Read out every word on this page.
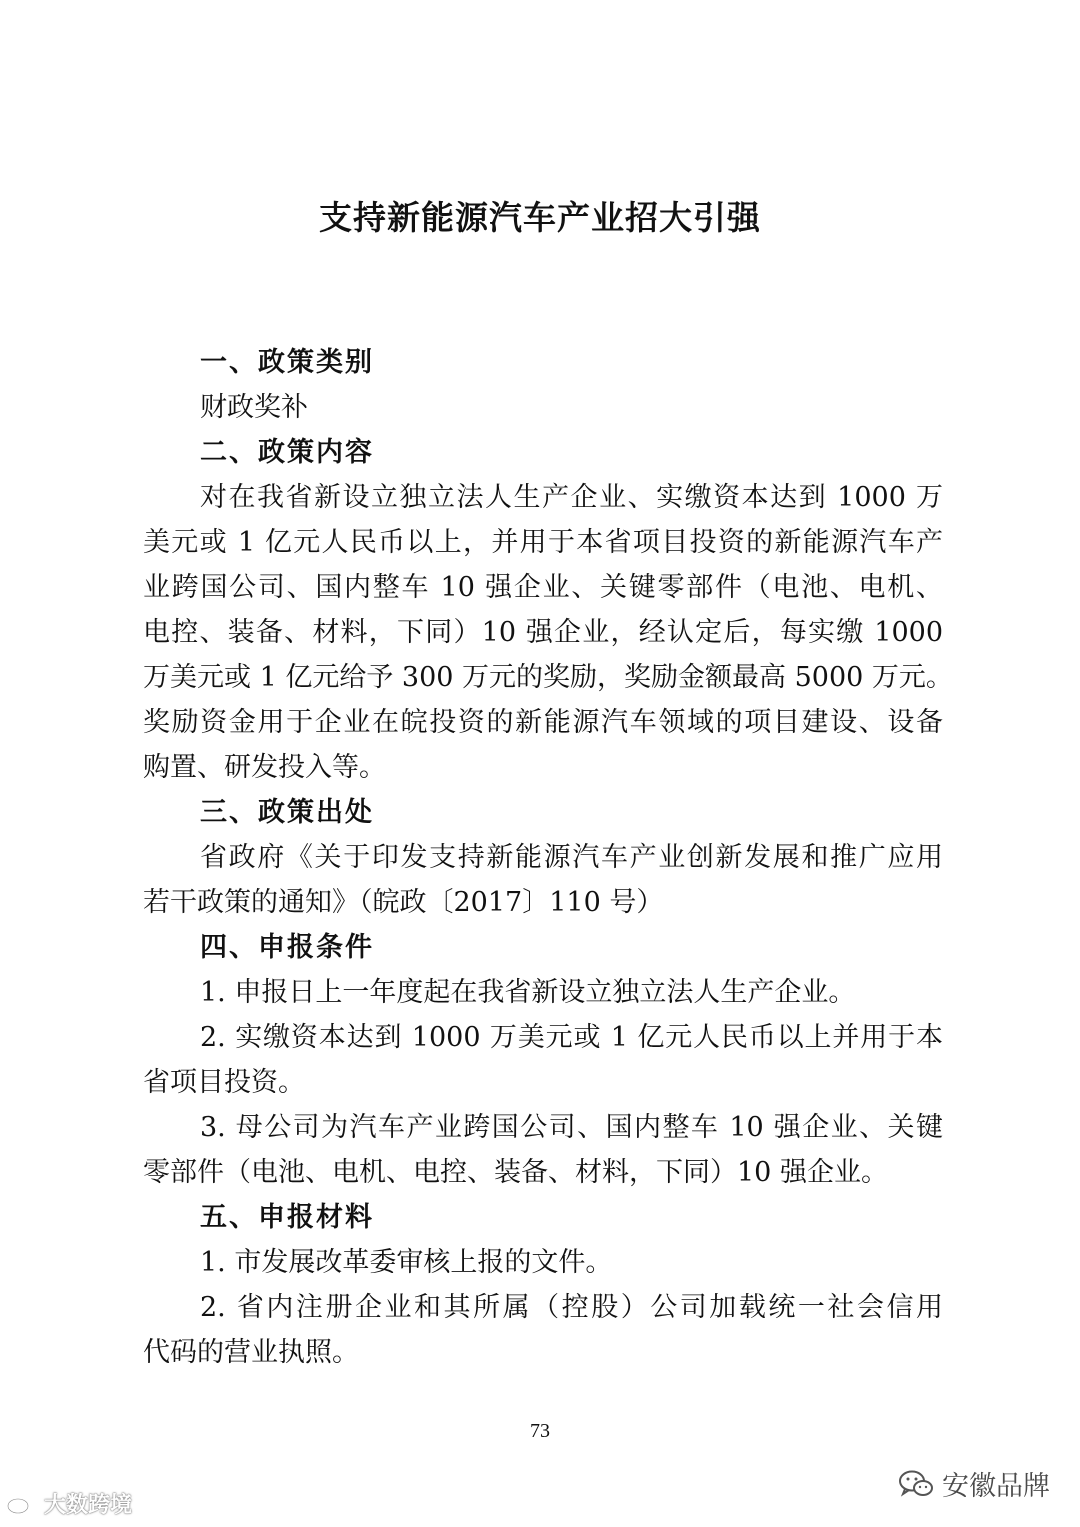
支持新能源汽车产业招大引强
一、政策类别
财政奖补
二、政策内容
对在我省新设立独立法人生产企业、实缴资本达到 1000 万
美元或 1 亿元人民币以上，并用于本省项目投资的新能源汽车产
业跨国公司、国内整车 10 强企业、关键零部件（电池、电机、
电控、装备、材料，下同）10 强企业，经认定后，每实缴 1000
万美元或 1 亿元给予 300 万元的奖励，奖励金额最高 5000 万元。
奖励资金用于企业在皖投资的新能源汽车领域的项目建设、设备
购置、研发投入等。
三、政策出处
省政府《关于印发支持新能源汽车产业创新发展和推广应用
若干政策的通知》（皖政〔2017〕110 号）
四、申报条件
1. 申报日上一年度起在我省新设立独立法人生产企业。
2. 实缴资本达到 1000 万美元或 1 亿元人民币以上并用于本
省项目投资。
3. 母公司为汽车产业跨国公司、国内整车 10 强企业、关键
零部件（电池、电机、电控、装备、材料，下同）10 强企业。
五、申报材料
1. 市发展改革委审核上报的文件。
2. 省内注册企业和其所属（控股）公司加载统一社会信用
代码的营业执照。
73
大数跨境
安徽品牌
